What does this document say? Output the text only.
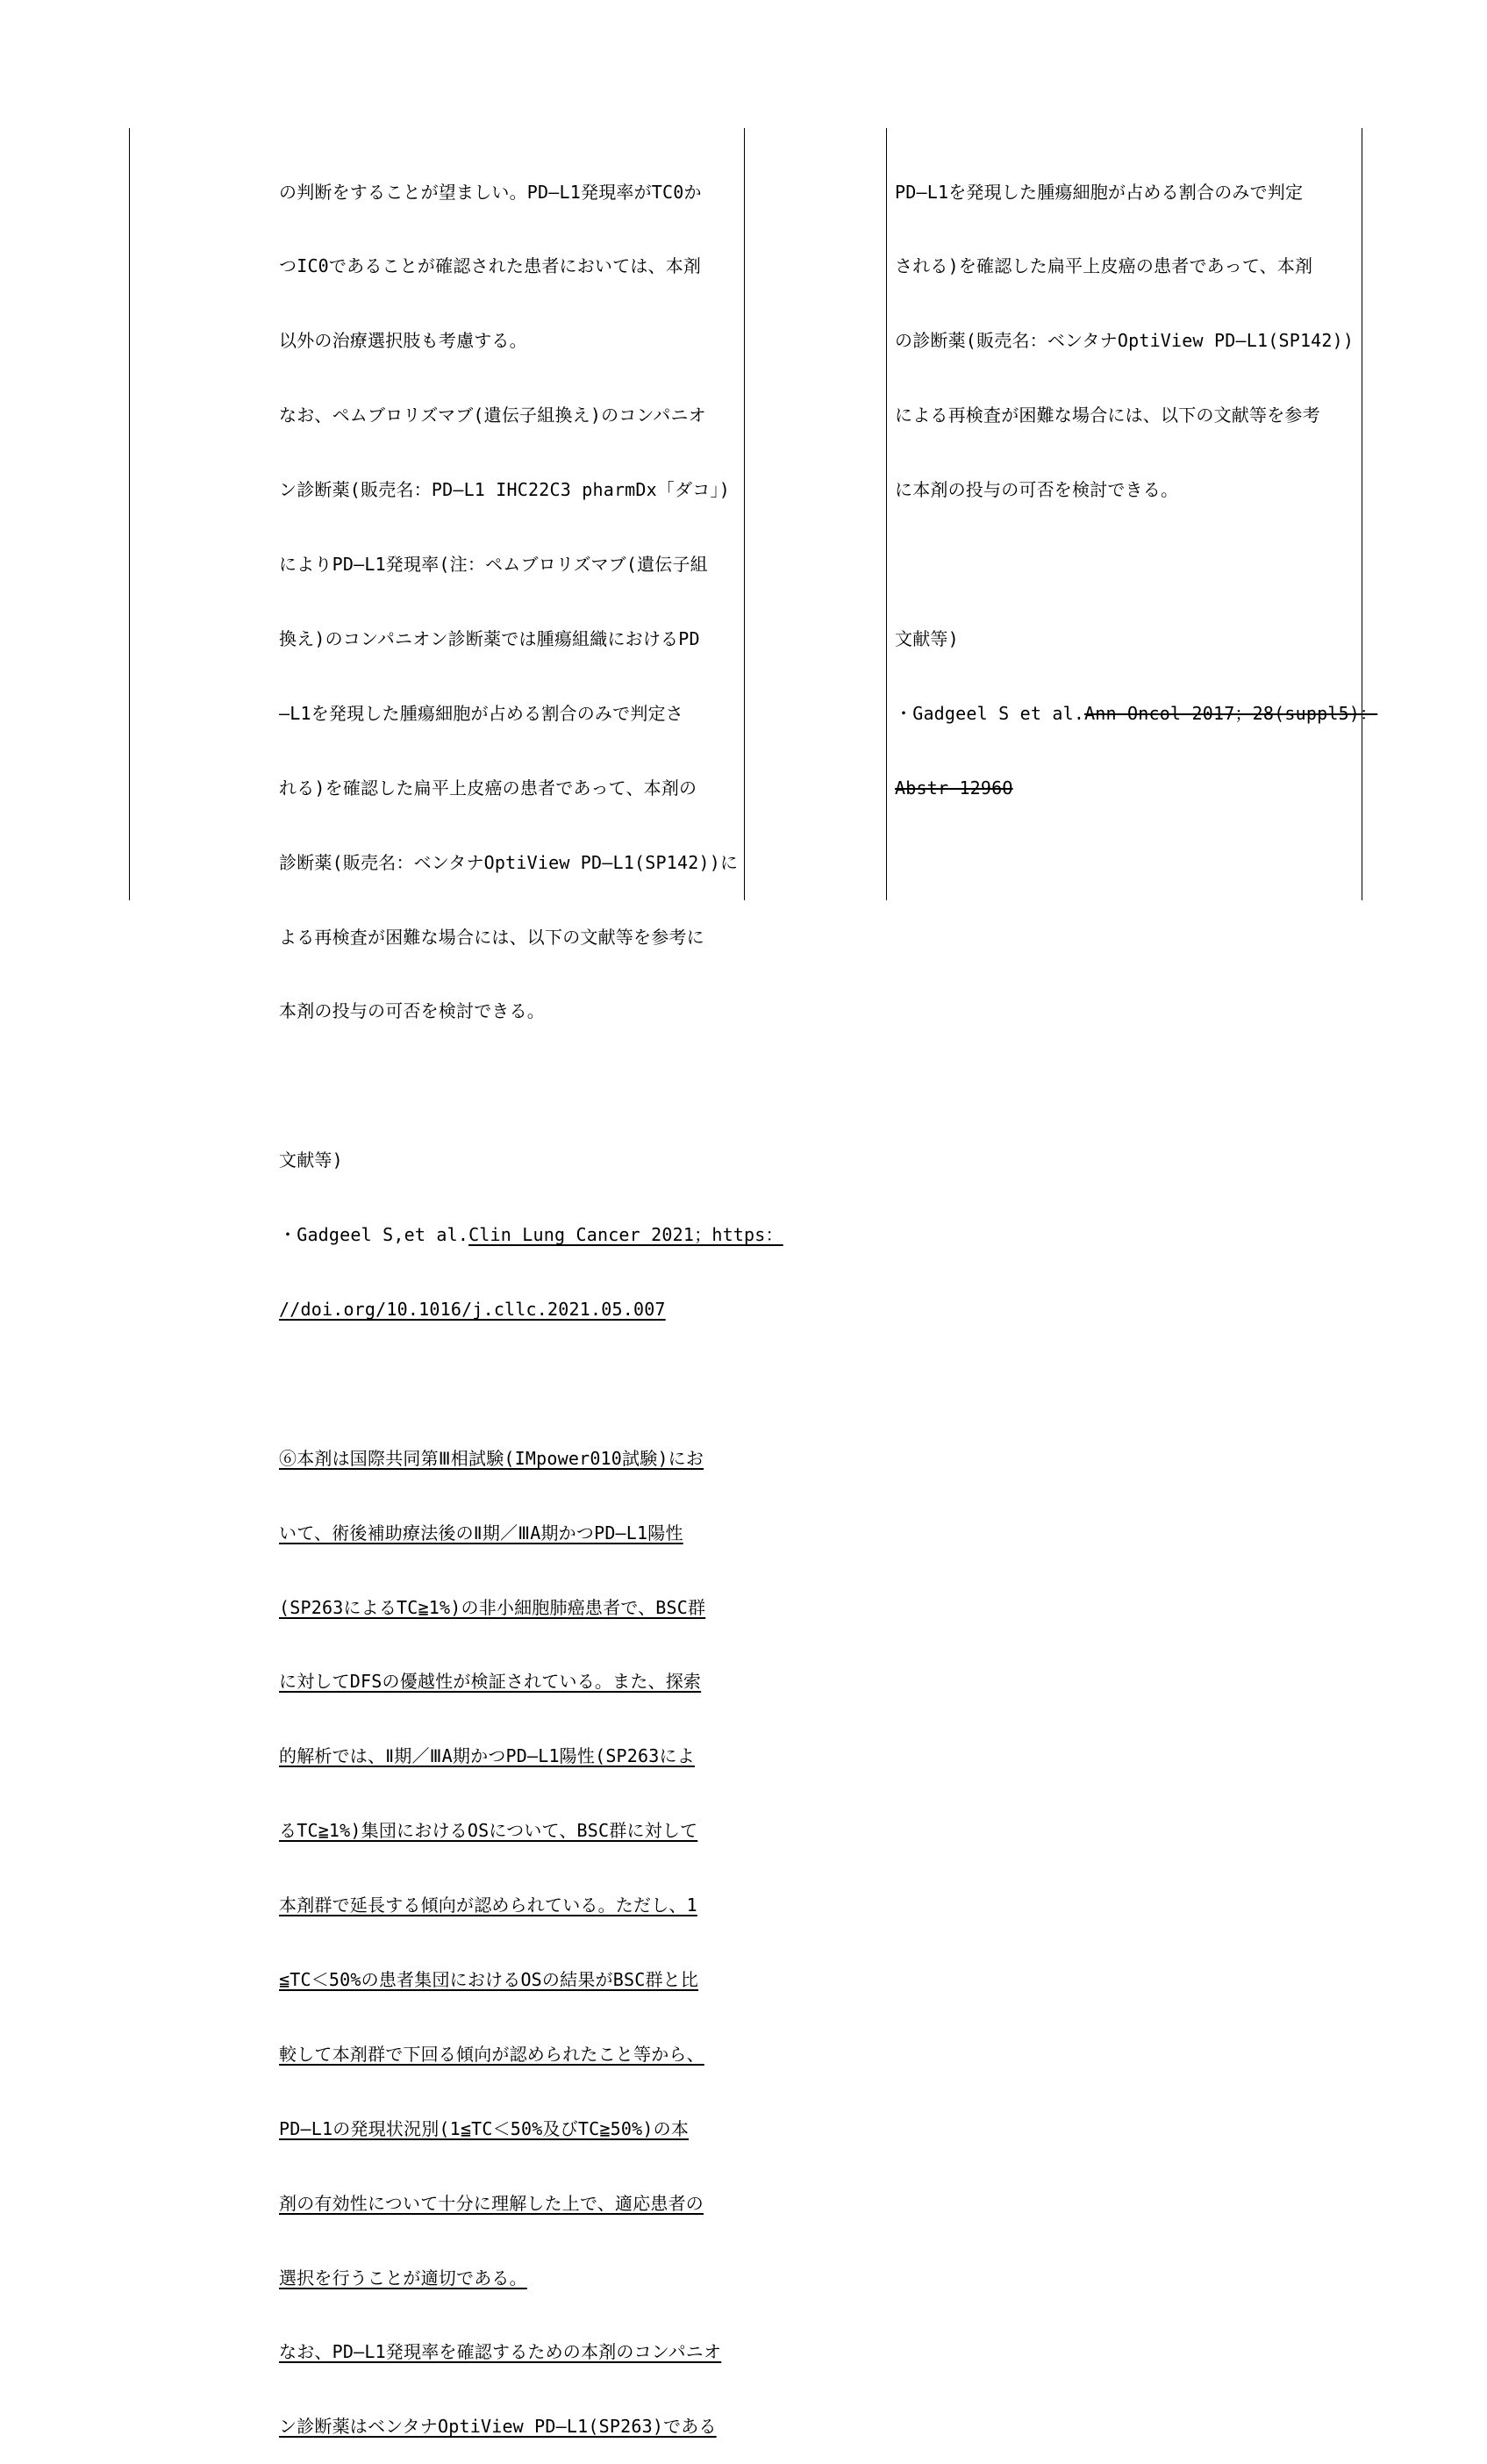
の判断をすることが望ましい。PD–L1発現率がTC0か

つIC0であることが確認された患者においては、本剤

以外の治療選択肢も考慮する。

なお、ペムブロリズマブ(遺伝子組換え)のコンパニオ

ン診断薬(販売名：PD–L1 IHC22C3 pharmDx「ダコ」)

によりPD–L1発現率(注：ペムブロリズマブ(遺伝子組

換え)のコンパニオン診断薬では腫瘍組織におけるPD

–L1を発現した腫瘍細胞が占める割合のみで判定さ

れる)を確認した扁平上皮癌の患者であって、本剤の

診断薬(販売名：ベンタナOptiView PD–L1(SP142))に

よる再検査が困難な場合には、以下の文献等を参考に

本剤の投与の可否を検討できる。

文献等)

・Gadgeel S,et al.Clin Lung Cancer 2021；https：

//doi.org/10.1016/j.cllc.2021.05.007

⑥本剤は国際共同第Ⅲ相試験(IMpower010試験)にお

いて、術後補助療法後のⅡ期／ⅢA期かつPD–L1陽性

(SP263によるTC≧1%)の非小細胞肺癌患者で、BSC群

に対してDFSの優越性が検証されている。また、探索

的解析では、Ⅱ期／ⅢA期かつPD–L1陽性(SP263によ

るTC≧1%)集団におけるOSについて、BSC群に対して

本剤群で延長する傾向が認められている。ただし、1

≦TC＜50%の患者集団におけるOSの結果がBSC群と比

較して本剤群で下回る傾向が認められたこと等から、

PD–L1の発現状況別(1≦TC＜50%及びTC≧50%)の本

剤の有効性について十分に理解した上で、適応患者の

選択を行うことが適切である。

なお、PD–L1発現率を確認するための本剤のコンパニオ

ン診断薬はベンタナOptiView PD–L1(SP263)である

PD–L1を発現した腫瘍細胞が占める割合のみで判定

される)を確認した扁平上皮癌の患者であって、本剤

の診断薬(販売名：ベンタナOptiView PD–L1(SP142))

による再検査が困難な場合には、以下の文献等を参考

に本剤の投与の可否を検討できる。

文献等)

・Gadgeel S et al.Ann Oncol 2017；28(suppl5)：

Abstr 1296O
